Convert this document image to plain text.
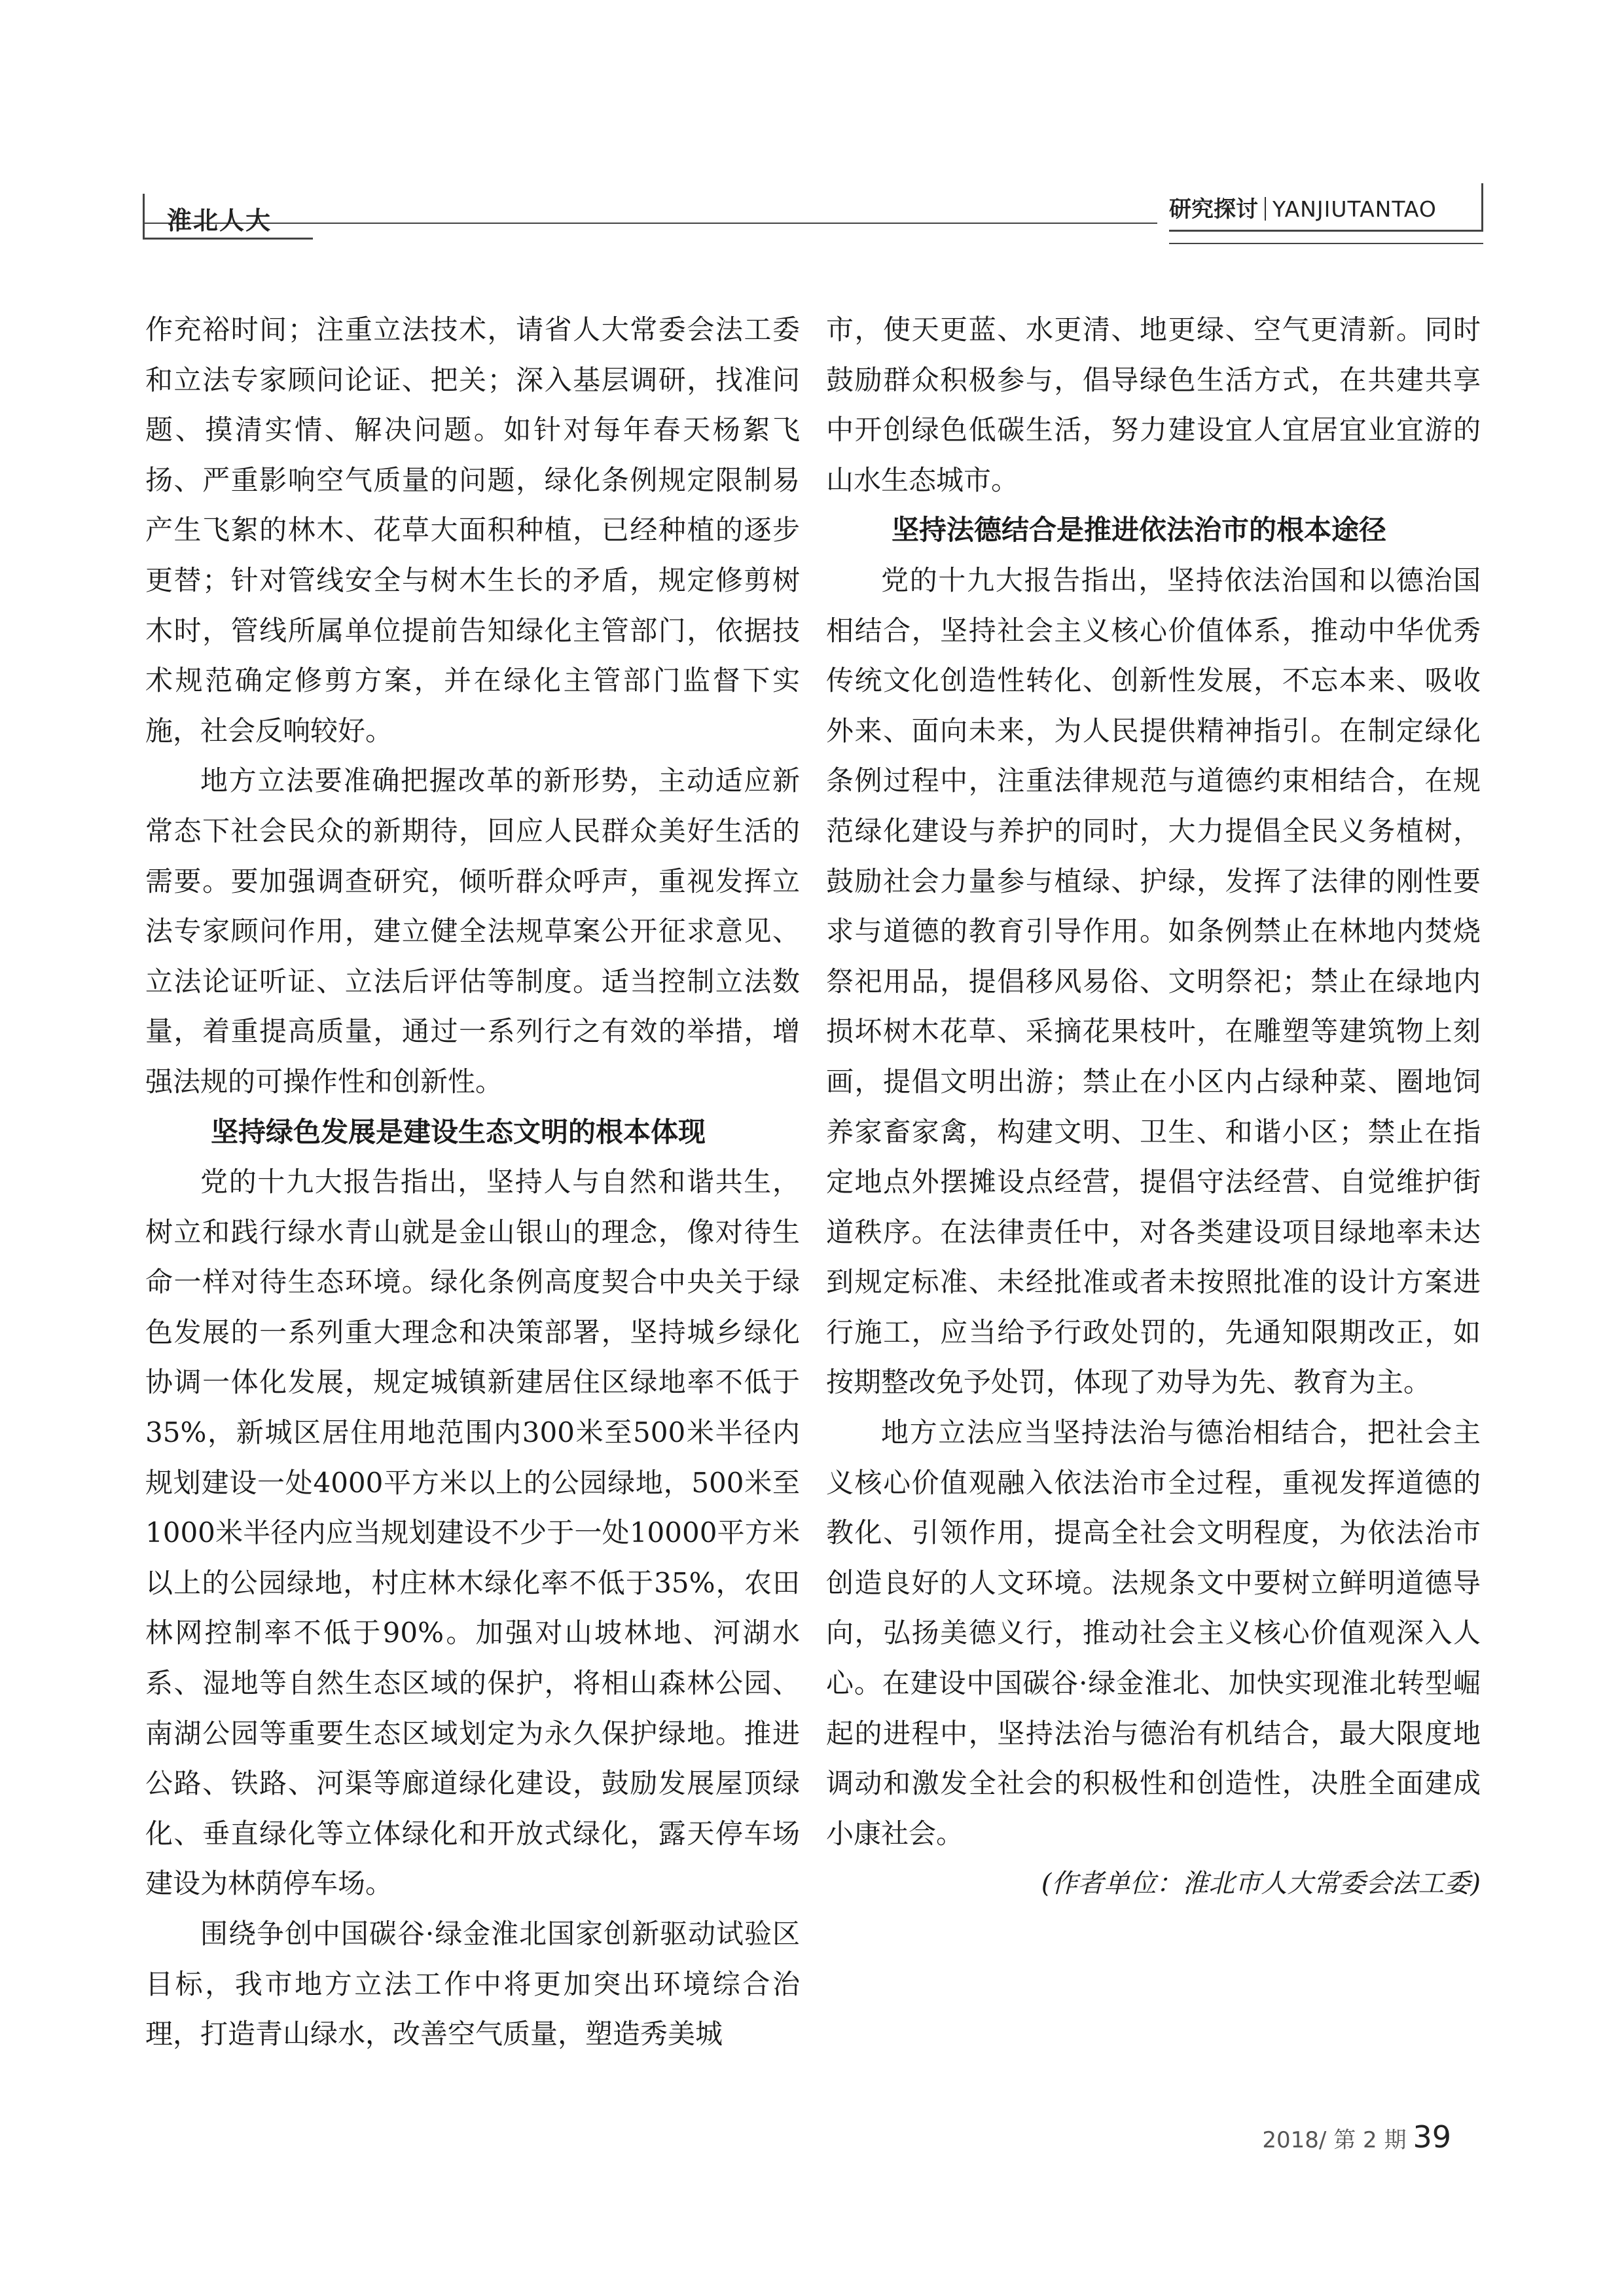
淮北人大	研究探讨 YANJIUTANTAO

作充裕时间；注重立法技术，请省人大常委会法工委和立法专家顾问论证、把关；深入基层调研，找准问题、摸清实情、解决问题。如针对每年春天杨絮飞扬、严重影响空气质量的问题，绿化条例规定限制易产生飞絮的林木、花草大面积种植，已经种植的逐步更替；针对管线安全与树木生长的矛盾，规定修剪树木时，管线所属单位提前告知绿化主管部门，依据技术规范确定修剪方案，并在绿化主管部门监督下实施，社会反响较好。

地方立法要准确把握改革的新形势，主动适应新常态下社会民众的新期待，回应人民群众美好生活的需要。要加强调查研究，倾听群众呼声，重视发挥立法专家顾问作用，建立健全法规草案公开征求意见、立法论证听证、立法后评估等制度。适当控制立法数量，着重提高质量，通过一系列行之有效的举措，增强法规的可操作性和创新性。

坚持绿色发展是建设生态文明的根本体现

党的十九大报告指出，坚持人与自然和谐共生，树立和践行绿水青山就是金山银山的理念，像对待生命一样对待生态环境。绿化条例高度契合中央关于绿色发展的一系列重大理念和决策部署，坚持城乡绿化协调一体化发展，规定城镇新建居住区绿地率不低于35%，新城区居住用地范围内300米至500米半径内规划建设一处4000平方米以上的公园绿地，500米至1000米半径内应当规划建设不少于一处10000平方米以上的公园绿地，村庄林木绿化率不低于35%，农田林网控制率不低于90%。加强对山坡林地、河湖水系、湿地等自然生态区域的保护，将相山森林公园、南湖公园等重要生态区域划定为永久保护绿地。推进公路、铁路、河渠等廊道绿化建设，鼓励发展屋顶绿化、垂直绿化等立体绿化和开放式绿化，露天停车场建设为林荫停车场。

围绕争创中国碳谷·绿金淮北国家创新驱动试验区目标，我市地方立法工作中将更加突出环境综合治理，打造青山绿水，改善空气质量，塑造秀美城

市，使天更蓝、水更清、地更绿、空气更清新。同时鼓励群众积极参与，倡导绿色生活方式，在共建共享中开创绿色低碳生活，努力建设宜人宜居宜业宜游的山水生态城市。

坚持法德结合是推进依法治市的根本途径

党的十九大报告指出，坚持依法治国和以德治国相结合，坚持社会主义核心价值体系，推动中华优秀传统文化创造性转化、创新性发展，不忘本来、吸收外来、面向未来，为人民提供精神指引。在制定绿化条例过程中，注重法律规范与道德约束相结合，在规范绿化建设与养护的同时，大力提倡全民义务植树，鼓励社会力量参与植绿、护绿，发挥了法律的刚性要求与道德的教育引导作用。如条例禁止在林地内焚烧祭祀用品，提倡移风易俗、文明祭祀；禁止在绿地内损坏树木花草、采摘花果枝叶，在雕塑等建筑物上刻画，提倡文明出游；禁止在小区内占绿种菜、圈地饲养家畜家禽，构建文明、卫生、和谐小区；禁止在指定地点外摆摊设点经营，提倡守法经营、自觉维护街道秩序。在法律责任中，对各类建设项目绿地率未达到规定标准、未经批准或者未按照批准的设计方案进行施工，应当给予行政处罚的，先通知限期改正，如按期整改免予处罚，体现了劝导为先、教育为主。

地方立法应当坚持法治与德治相结合，把社会主义核心价值观融入依法治市全过程，重视发挥道德的教化、引领作用，提高全社会文明程度，为依法治市创造良好的人文环境。法规条文中要树立鲜明道德导向，弘扬美德义行，推动社会主义核心价值观深入人心。在建设中国碳谷·绿金淮北、加快实现淮北转型崛起的进程中，坚持法治与德治有机结合，最大限度地调动和激发全社会的积极性和创造性，决胜全面建成小康社会。

(作者单位：淮北市人大常委会法工委)
2018/ 第 2 期 39
